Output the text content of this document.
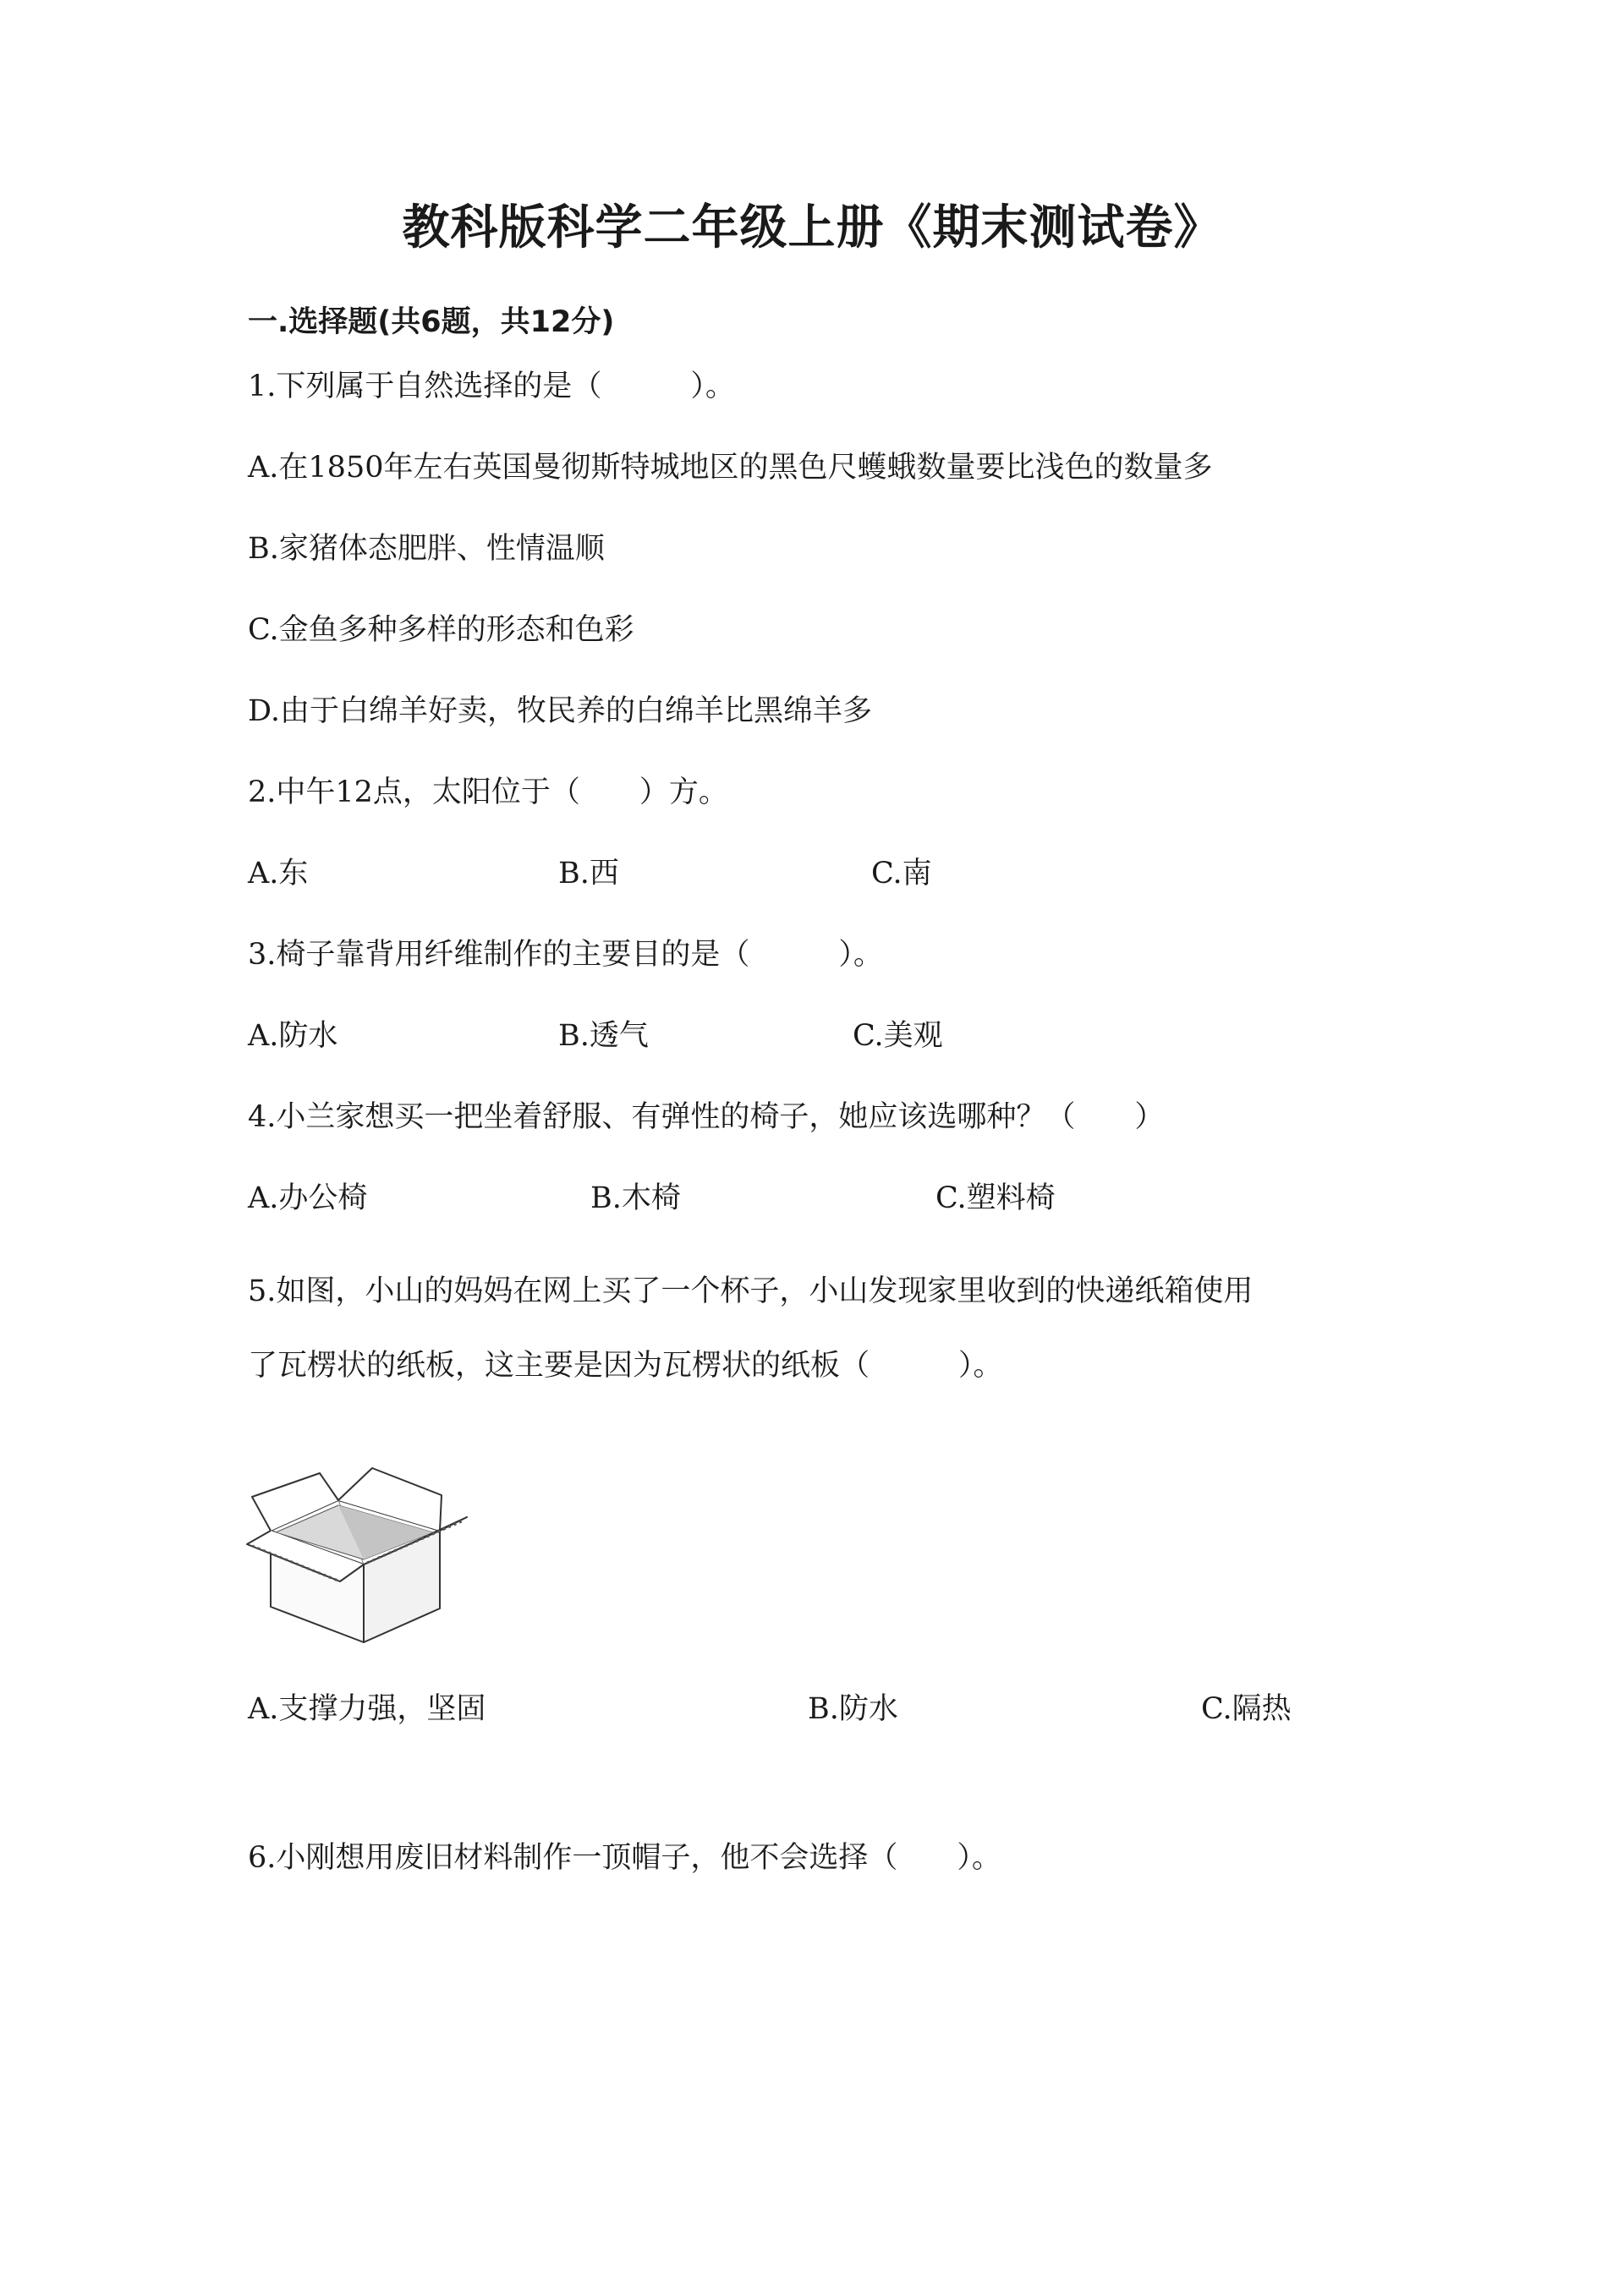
教科版科学二年级上册《期末测试卷》
一.选择题(共6题，共12分)
1.下列属于自然选择的是（　　　）。
A.在1850年左右英国曼彻斯特城地区的黑色尺蠖蛾数量要比浅色的数量多
B.家猪体态肥胖、性情温顺
C.金鱼多种多样的形态和色彩
D.由于白绵羊好卖，牧民养的白绵羊比黑绵羊多
2.中午12点，太阳位于（　　）方。
A.东	B.西	C.南
3.椅子靠背用纤维制作的主要目的是（　　　）。
A.防水	B.透气	C.美观
4.小兰家想买一把坐着舒服、有弹性的椅子，她应该选哪种？（　　）
A.办公椅	B.木椅	C.塑料椅
5.如图，小山的妈妈在网上买了一个杯子，小山发现家里收到的快递纸箱使用
了瓦楞状的纸板，这主要是因为瓦楞状的纸板（　　　）。
A.支撑力强，坚固	B.防水	C.隔热
6.小刚想用废旧材料制作一顶帽子，他不会选择（　　）。
